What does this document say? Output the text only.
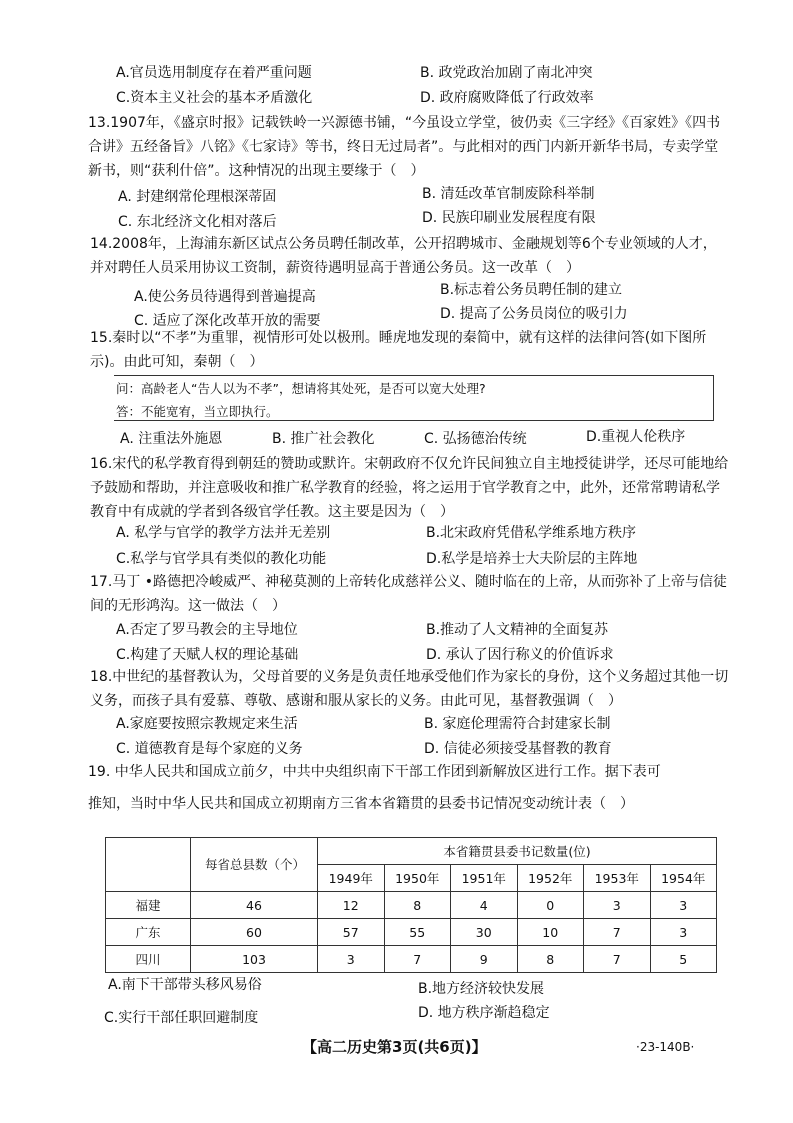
A.官员选用制度存在着严重问题	B. 政党政治加剧了南北冲突
C.资本主义社会的基本矛盾激化	D. 政府腐败降低了行政效率
13.1907年，《盛京时报》记载铁岭一兴源德书铺，“今虽设立学堂，彼仍卖《三字经》《百家姓》《四书合讲》五经备旨》八铭》《七家诗》等书，终日无过局者”。与此相对的西门内新开新华书局，专卖学堂新书，则“获利什倍”。这种情况的出现主要缘于（　）
A. 封建纲常伦理根深蒂固	B. 清廷改革官制废除科举制
C. 东北经济文化相对落后	D. 民族印刷业发展程度有限
14.2008年，上海浦东新区试点公务员聘任制改革，公开招聘城市、金融规划等6个专业领域的人才，并对聘任人员采用协议工资制，薪资待遇明显高于普通公务员。这一改革（　）
A.使公务员待遇得到普遍提高	B.标志着公务员聘任制的建立
C. 适应了深化改革开放的需要	D. 提高了公务员岗位的吸引力
15.秦时以“不孝”为重罪，视情形可处以极刑。睡虎地发现的秦简中，就有这样的法律问答(如下图所示)。由此可知，秦朝（　）
问：高龄老人“告人以为不孝”，想请将其处死，是否可以宽大处理?
答：不能宽宥，当立即执行。
A. 注重法外施恩	B. 推广社会教化	C. 弘扬德治传统	D.重视人伦秩序
16.宋代的私学教育得到朝廷的赞助或默许。宋朝政府不仅允许民间独立自主地授徒讲学，还尽可能地给予鼓励和帮助，并注意吸收和推广私学教育的经验，将之运用于官学教育之中，此外，还常常聘请私学教育中有成就的学者到各级官学任教。这主要是因为（　）
A. 私学与官学的教学方法并无差别	B.北宋政府凭借私学维系地方秩序
C.私学与官学具有类似的教化功能	D.私学是培养士大夫阶层的主阵地
17.马丁 •路德把冷峻威严、神秘莫测的上帝转化成慈祥公义、随时临在的上帝，从而弥补了上帝与信徒间的无形鸿沟。这一做法（　）
A.否定了罗马教会的主导地位	B.推动了人文精神的全面复苏
C.构建了天赋人权的理论基础	D. 承认了因行称义的价值诉求
18.中世纪的基督教认为，父母首要的义务是负责任地承受他们作为家长的身份，这个义务超过其他一切义务，而孩子具有爱慕、尊敬、感谢和服从家长的义务。由此可见，基督教强调（　）
A.家庭要按照宗教规定来生活	B. 家庭伦理需符合封建家长制
C. 道德教育是每个家庭的义务	D. 信徒必须接受基督教的教育
19. 中华人民共和国成立前夕，中共中央组织南下干部工作团到新解放区进行工作。据下表可
推知，当时中华人民共和国成立初期南方三省本省籍贯的县委书记情况变动统计表（　）
	每省总县数（个）	本省籍贯县委书记数量(位)					
		1949年	1950年	1951年	1952年	1953年	1954年
福建	46	12	8	4	0	3	3
广东	60	57	55	30	10	7	3
四川	103	3	7	9	8	7	5
A.南下干部带头移风易俗	B.地方经济较快发展
C.实行干部任职回避制度	D. 地方秩序渐趋稳定
【高二历史第3页(共6页)】	·23-140B·
